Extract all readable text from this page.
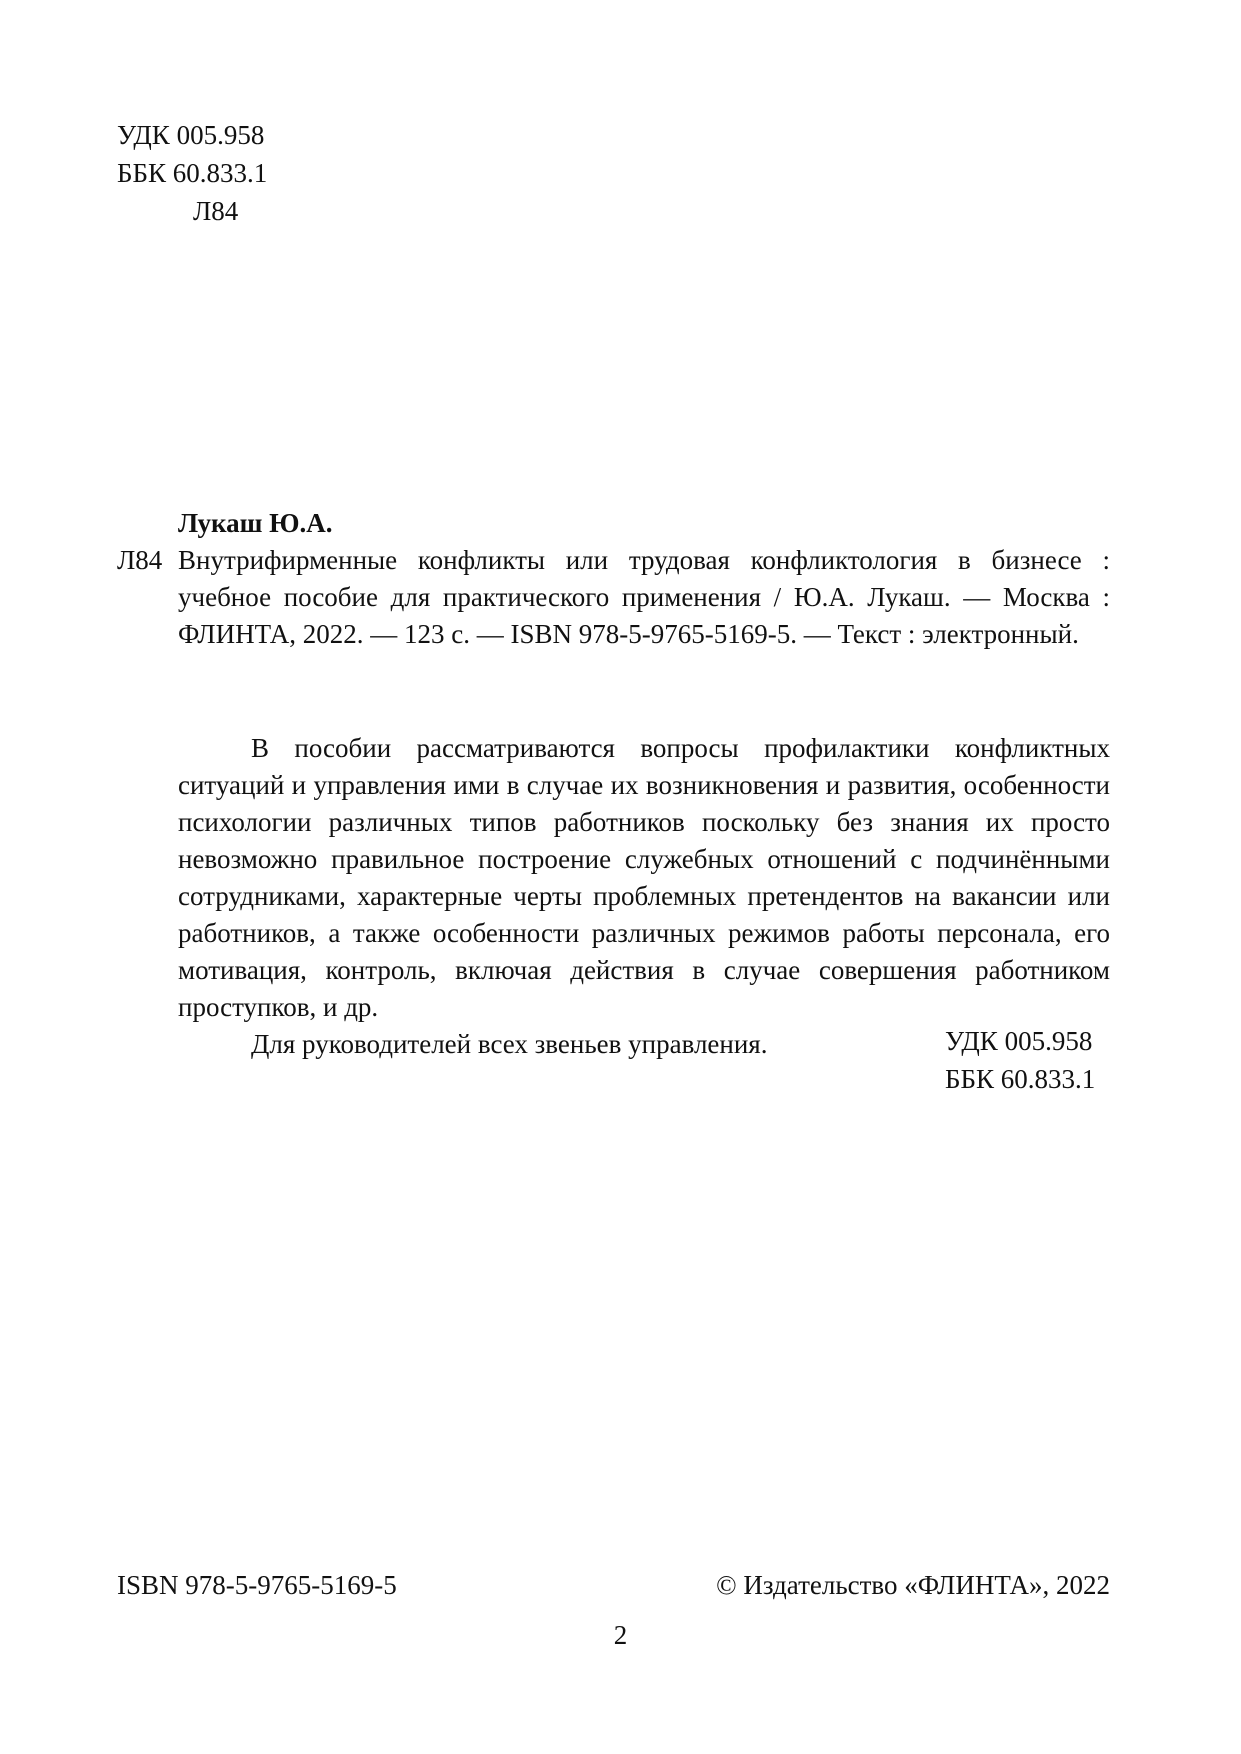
УДК 005.958
ББК 60.833.1
Л84
Лукаш Ю.А.
Л84 Внутрифирменные конфликты или трудовая конфликтология в бизнесе : учебное пособие для практического применения / Ю.А. Лукаш. — Москва : ФЛИНТА, 2022. — 123 с. — ISBN 978-5-9765-5169-5. — Текст : электронный.

В пособии рассматриваются вопросы профилактики конфликтных ситуаций и управления ими в случае их возникновения и развития, особенности психологии различных типов работников поскольку без знания их просто невозможно правильное построение служебных отношений с подчинёнными сотрудниками, характерные черты проблемных претендентов на вакансии или работников, а также особенности различных режимов работы персонала, его мотивация, контроль, включая действия в случае совершения работником проступков, и др.

Для руководителей всех звеньев управления.	УДК 005.958
ББК 60.833.1
ISBN 978-5-9765-5169-5	© Издательство «ФЛИНТА», 2022
2
